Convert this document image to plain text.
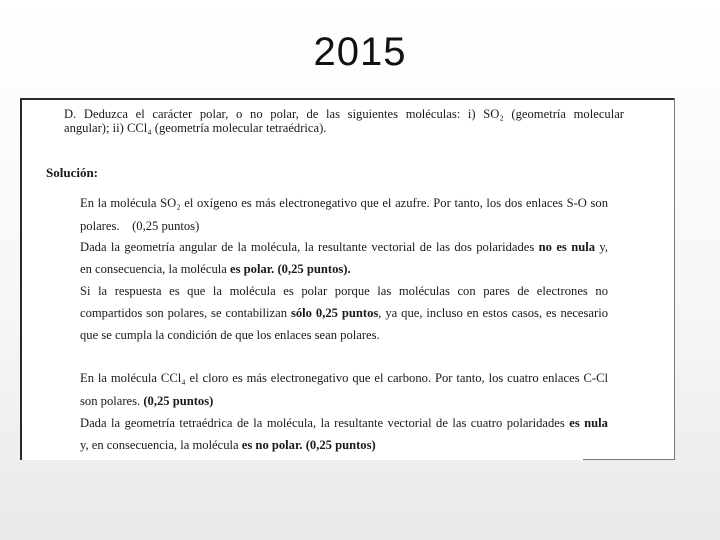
2015
D. Deduzca el carácter polar, o no polar, de las siguientes moléculas: i) SO₂ (geometría molecular
angular); ii) CCl₄ (geometría molecular tetraédrica).
Solución:
En la molécula SO₂ el oxígeno es más electronegativo que el azufre. Por tanto, los dos enlaces S-O son
polares. (0,25 puntos)
Dada la geometría angular de la molécula, la resultante vectorial de las dos polaridades no es nula y,
en consecuencia, la molécula es polar. (0,25 puntos).
Si la respuesta es que la molécula es polar porque las moléculas con pares de electrones no
compartidos son polares, se contabilizan sólo 0,25 puntos, ya que, incluso en estos casos, es necesario
que se cumpla la condición de que los enlaces sean polares.
En la molécula CCl₄ el cloro es más electronegativo que el carbono. Por tanto, los cuatro enlaces C-Cl
son polares. (0,25 puntos)
Dada la geometría tetraédrica de la molécula, la resultante vectorial de las cuatro polaridades es nula
y, en consecuencia, la molécula es no polar. (0,25 puntos)
